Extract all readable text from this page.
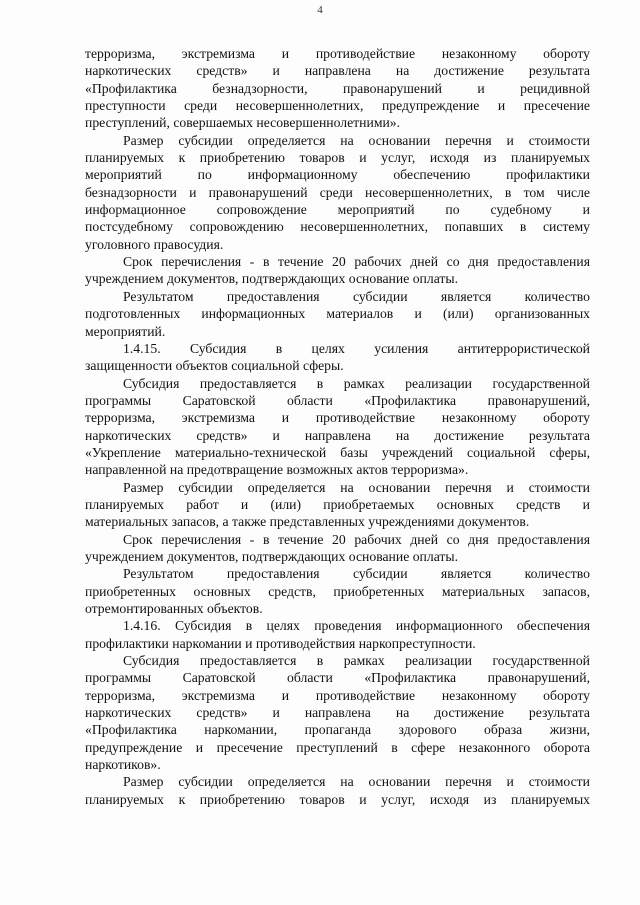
4
терроризма, экстремизма и противодействие незаконному обороту
наркотических средств» и направлена на достижение результата
«Профилактика безнадзорности, правонарушений и рецидивной
преступности среди несовершеннолетних, предупреждение и пресечение
преступлений, совершаемых несовершеннолетними».
Размер субсидии определяется на основании перечня и стоимости
планируемых к приобретению товаров и услуг, исходя из планируемых
мероприятий по информационному обеспечению профилактики
безнадзорности и правонарушений среди несовершеннолетних, в том числе
информационное сопровождение мероприятий по судебному и
постсудебному сопровождению несовершеннолетних, попавших в систему
уголовного правосудия.
Срок перечисления - в течение 20 рабочих дней со дня предоставления
учреждением документов, подтверждающих основание оплаты.
Результатом предоставления субсидии является количество
подготовленных информационных материалов и (или) организованных
мероприятий.
1.4.15. Субсидия в целях усиления антитеррористической
защищенности объектов социальной сферы.
Субсидия предоставляется в рамках реализации государственной
программы Саратовской области «Профилактика правонарушений,
терроризма, экстремизма и противодействие незаконному обороту
наркотических средств» и направлена на достижение результата
«Укрепление материально-технической базы учреждений социальной сферы,
направленной на предотвращение возможных актов терроризма».
Размер субсидии определяется на основании перечня и стоимости
планируемых работ и (или) приобретаемых основных средств и
материальных запасов, а также представленных учреждениями документов.
Срок перечисления - в течение 20 рабочих дней со дня предоставления
учреждением документов, подтверждающих основание оплаты.
Результатом предоставления субсидии является количество
приобретенных основных средств, приобретенных материальных запасов,
отремонтированных объектов.
1.4.16. Субсидия в целях проведения информационного обеспечения
профилактики наркомании и противодействия наркопреступности.
Субсидия предоставляется в рамках реализации государственной
программы Саратовской области «Профилактика правонарушений,
терроризма, экстремизма и противодействие незаконному обороту
наркотических средств» и направлена на достижение результата
«Профилактика наркомании, пропаганда здорового образа жизни,
предупреждение и пресечение преступлений в сфере незаконного оборота
наркотиков».
Размер субсидии определяется на основании перечня и стоимости
планируемых к приобретению товаров и услуг, исходя из планируемых
